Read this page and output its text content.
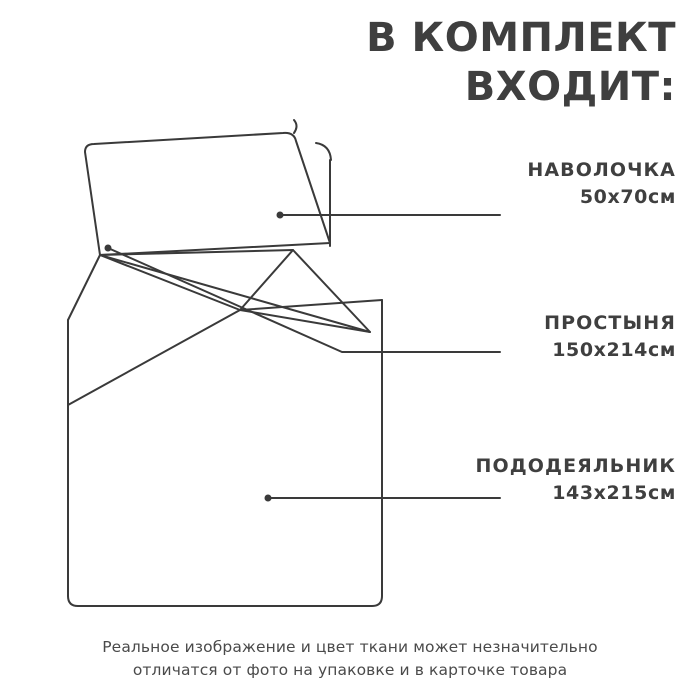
В КОМПЛЕКТ
ВХОДИТ:
НАВОЛОЧКА
50х70см
ПРОСТЫНЯ
150х214см
ПОДОДЕЯЛЬНИК
143х215см
Реальное изображение и цвет ткани может незначительно
отличатся от фото на упаковке и в карточке товара
